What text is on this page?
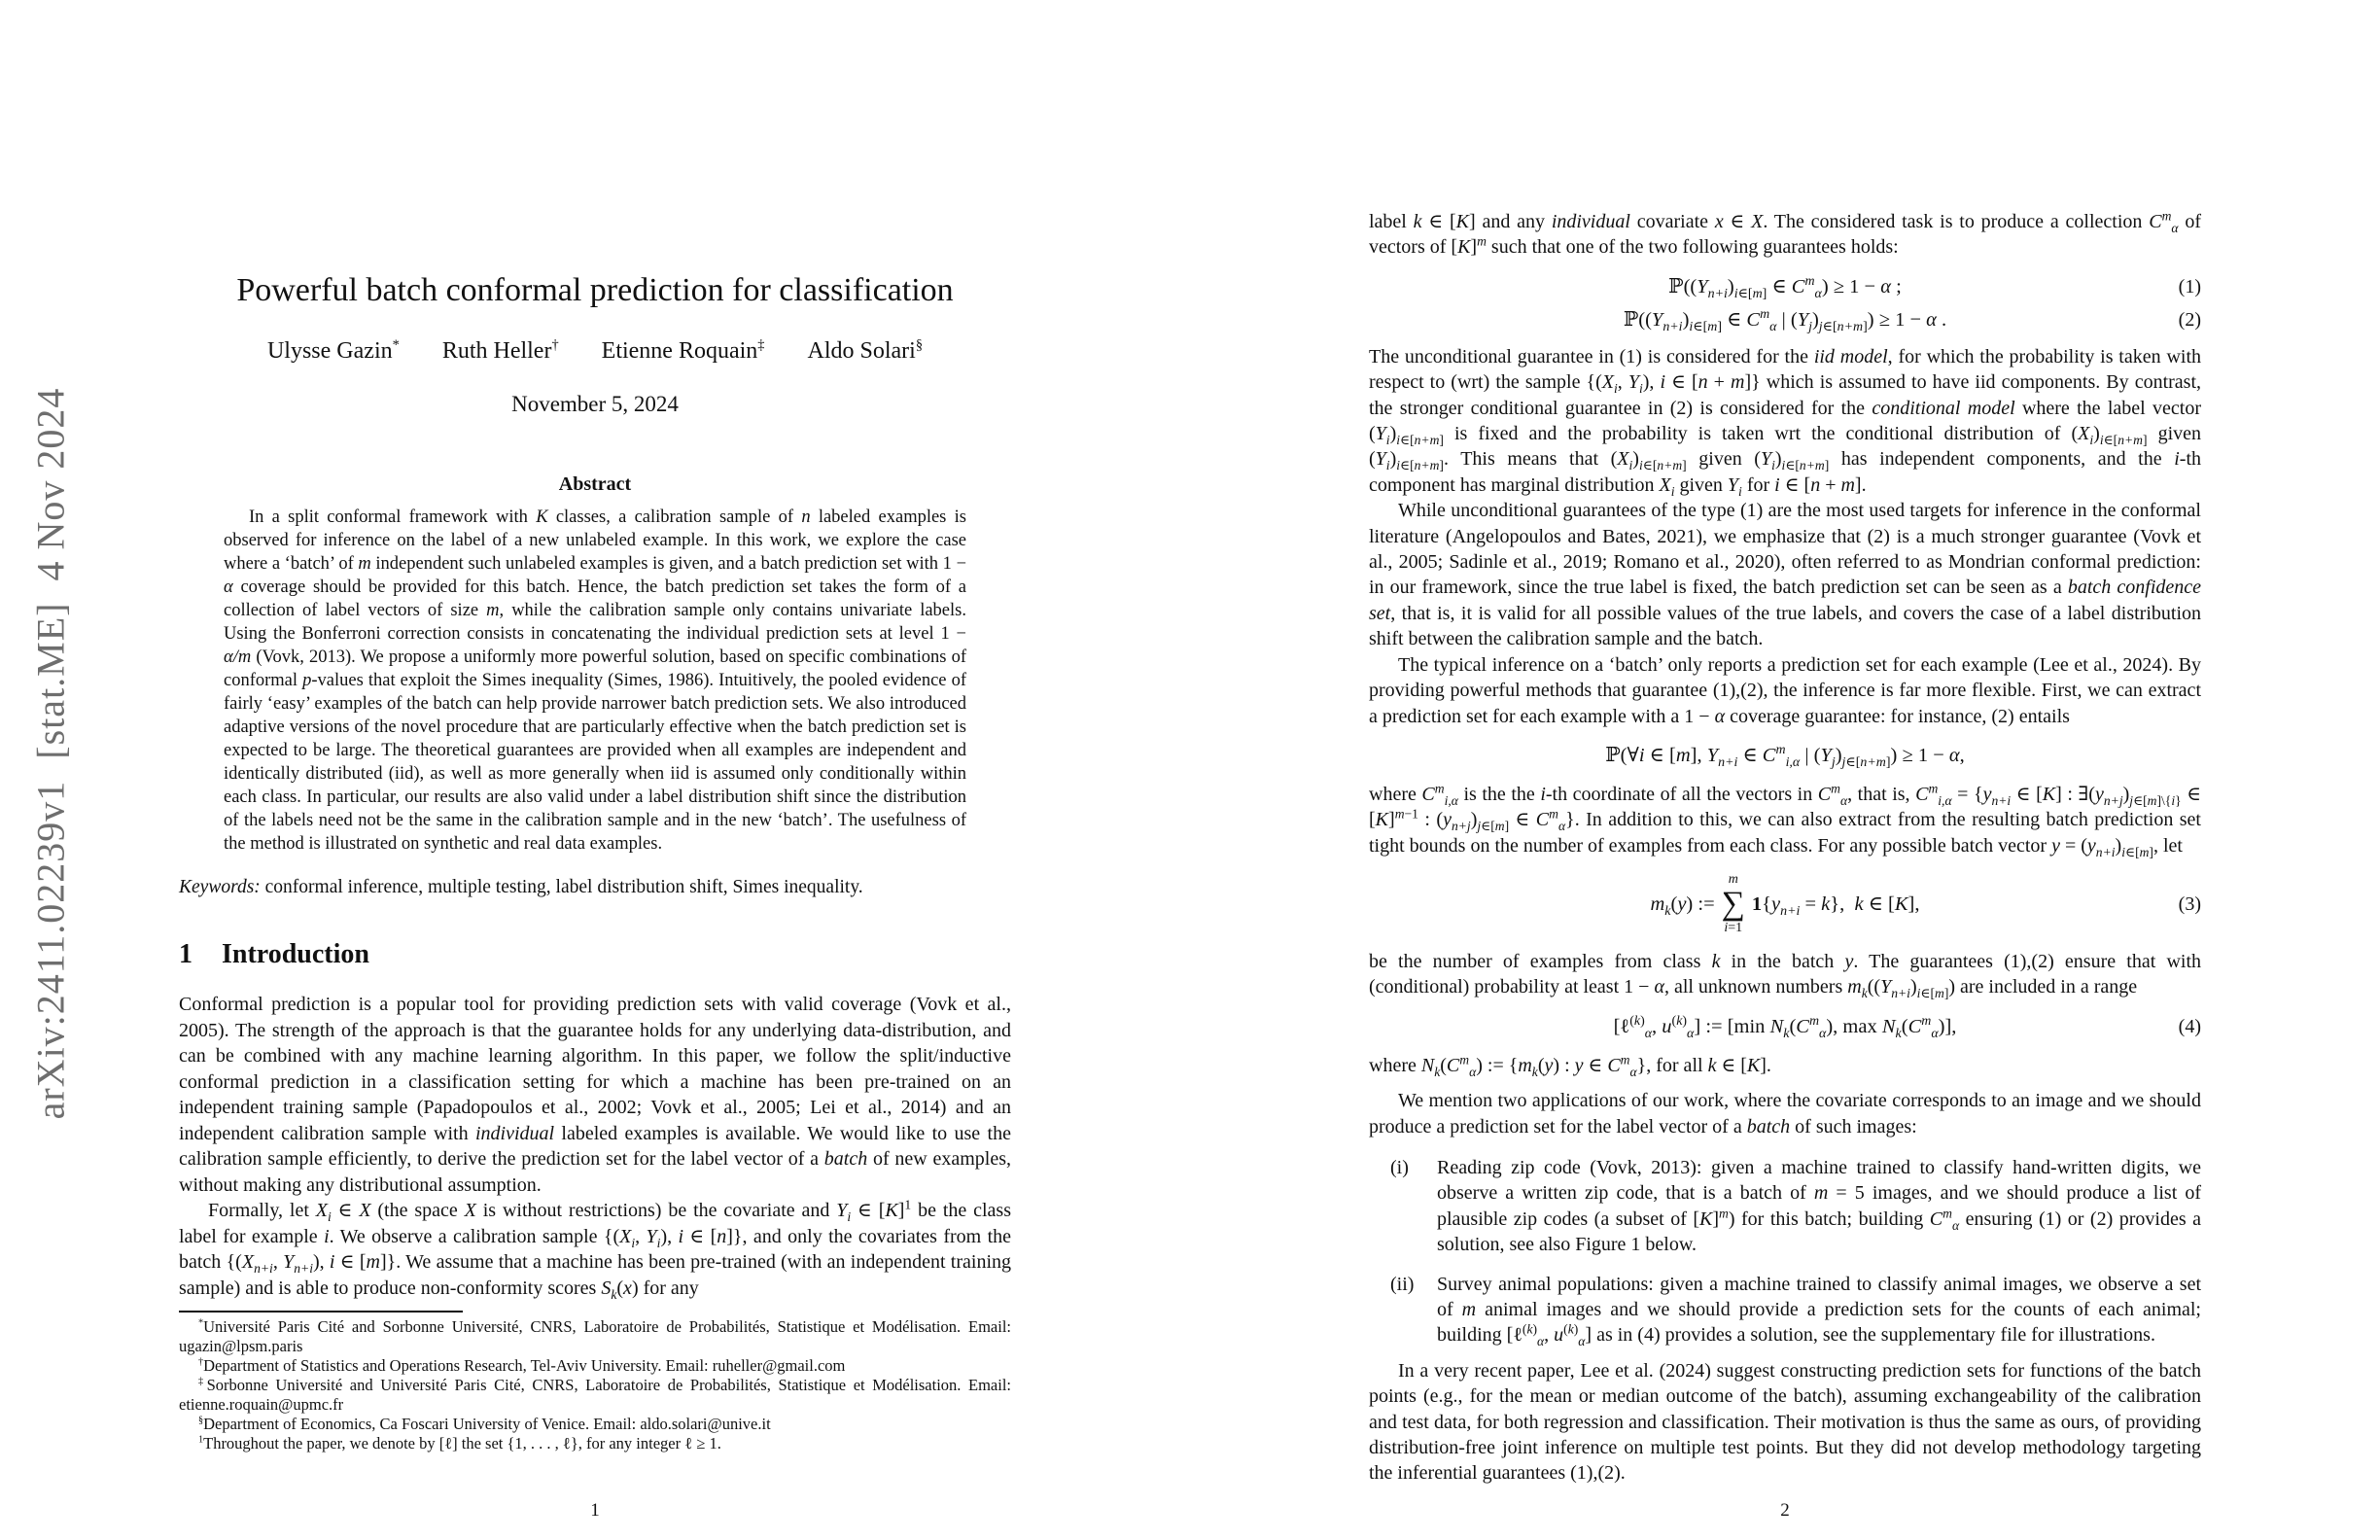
arXiv:2411.02239v1  [stat.ME]  4 Nov 2024
Powerful batch conformal prediction for classification
Ulysse Gazin* Ruth Heller† Etienne Roquain‡ Aldo Solari§
November 5, 2024
Abstract

In a split conformal framework with K classes, a calibration sample of n labeled examples is observed for inference on the label of a new unlabeled example. In this work, we explore the case where a ‘batch’ of m independent such unlabeled examples is given, and a batch prediction set with 1 − α coverage should be provided for this batch. Hence, the batch prediction set takes the form of a collection of label vectors of size m, while the calibration sample only contains univariate labels. Using the Bonferroni correction consists in concatenating the individual prediction sets at level 1 − α/m (Vovk, 2013). We propose a uniformly more powerful solution, based on specific combinations of conformal p-values that exploit the Simes inequality (Simes, 1986). Intuitively, the pooled evidence of fairly ‘easy’ examples of the batch can help provide narrower batch prediction sets. We also introduced adaptive versions of the novel procedure that are particularly effective when the batch prediction set is expected to be large. The theoretical guarantees are provided when all examples are independent and identically distributed (iid), as well as more generally when iid is assumed only conditionally within each class. In particular, our results are also valid under a label distribution shift since the distribution of the labels need not be the same in the calibration sample and in the new ‘batch’. The usefulness of the method is illustrated on synthetic and real data examples.

Keywords: conformal inference, multiple testing, label distribution shift, Simes inequality.

1 Introduction

Conformal prediction is a popular tool for providing prediction sets with valid coverage (Vovk et al., 2005). The strength of the approach is that the guarantee holds for any underlying data-distribution, and can be combined with any machine learning algorithm. In this paper, we follow the split/inductive conformal prediction in a classification setting for which a machine has been pre-trained on an independent training sample (Papadopoulos et al., 2002; Vovk et al., 2005; Lei et al., 2014) and an independent calibration sample with individual labeled examples is available. We would like to use the calibration sample efficiently, to derive the prediction set for the label vector of a batch of new examples, without making any distributional assumption.

Formally, let $X_i$ ∈ X (the space X is without restrictions) be the covariate and $Y_i$ ∈ $[K]^1$ be the class label for example i. We observe a calibration sample {($X_i$, $Y_i$), i ∈ [n]}, and only the covariates from the batch {($X_{n+i}$, $Y_{n+i}$), i ∈ [m]}. We assume that a machine has been pre-trained (with an independent training sample) and is able to produce non-conformity scores $S_k(x)$ for any

*Université Paris Cité and Sorbonne Université, CNRS, Laboratoire de Probabilités, Statistique et Modélisation. Email: ugazin@lpsm.paris

†Department of Statistics and Operations Research, Tel-Aviv University. Email: ruheller@gmail.com

‡Sorbonne Université and Université Paris Cité, CNRS, Laboratoire de Probabilités, Statistique et Modélisation. Email: etienne.roquain@upmc.fr

§Department of Economics, Ca Foscari University of Venice. Email: aldo.solari@unive.it

$^1$Throughout the paper, we denote by [ℓ] the set {1, . . . , ℓ}, for any integer ℓ ≥ 1.

1

label k ∈ [K] and any individual covariate x ∈ X. The considered task is to produce a collection $C^m_\alpha$ of vectors of $[K]^m$ such that one of the two following guarantees holds:

$ℙ((Y_{n+i})_{i\in[m]}$ ∈ $C^m_\alpha) \ge 1 - \alpha$ ;	(1)
$ℙ((Y_{n+i})_{i\in[m]}$ ∈ $C^m_\alpha$ | $(Y_j)_{j\in[n+m]}) \ge 1 - \alpha$ .	(2)

The unconditional guarantee in (1) is considered for the iid model, for which the probability is taken with respect to (wrt) the sample {($X_i$, $Y_i$), i ∈ [n + m]} which is assumed to have iid components. By contrast, the stronger conditional guarantee in (2) is considered for the conditional model where the label vector $(Y_i)_{i\in[n+m]}$ is fixed and the probability is taken wrt the conditional distribution of $(X_i)_{i\in[n+m]}$ given $(Y_i)_{i\in[n+m]}$. This means that $(X_i)_{i\in[n+m]}$ given $(Y_i)_{i\in[n+m]}$ has independent components, and the i-th component has marginal distribution $X_i$ given $Y_i$ for i ∈ [n + m].

While unconditional guarantees of the type (1) are the most used targets for inference in the conformal literature (Angelopoulos and Bates, 2021), we emphasize that (2) is a much stronger guarantee (Vovk et al., 2005; Sadinle et al., 2019; Romano et al., 2020), often referred to as Mondrian conformal prediction: in our framework, since the true label is fixed, the batch prediction set can be seen as a batch confidence set, that is, it is valid for all possible values of the true labels, and covers the case of a label distribution shift between the calibration sample and the batch.

The typical inference on a ‘batch’ only reports a prediction set for each example (Lee et al., 2024). By providing powerful methods that guarantee (1),(2), the inference is far more flexible. First, we can extract a prediction set for each example with a 1 − α coverage guarantee: for instance, (2) entails

ℙ(∀i ∈ [m], $Y_{n+i}$ ∈ $C^m_{i,\alpha}$ | $(Y_j)_{j\in[n+m]}) \ge 1 - \alpha$,

where $C^m_{i,\alpha}$ is the the i-th coordinate of all the vectors in $C^m_\alpha$, that is, $C^m_{i,\alpha} = \{y_{n+i}$ ∈ [K] : $\exists(y_{n+j})_{j\in[m]\backslash\{i\}}$ ∈ $[K]^{m-1}$ : $(y_{n+j})_{j\in[m]}$ ∈ $C^m_\alpha$}. In addition to this, we can also extract from the resulting batch prediction set tight bounds on the number of examples from each class. For any possible batch vector $y = (y_{n+i})_{i\in[m]}$, let

$m_k(y)$ :=
m
∑
i=1
$1\{y_{n+i} = k\}$,  k ∈ [K],	(3)

be the number of examples from class k in the batch y. The guarantees (1),(2) ensure that with (conditional) probability at least 1 − α, all unknown numbers $m_k((Y_{n+i})_{i\in[m]})$ are included in a range

[ℓ$^{(k)}_\alpha$, $u^{(k)}_\alpha$] := [min $N_k(C^m_\alpha)$, $\max N_k(C^m_\alpha)$],	(4)

where $N_k(C^m_\alpha)$ := {$m_k(y)$ : y ∈ $C^m_\alpha$}, for all k ∈ [K].

We mention two applications of our work, where the covariate corresponds to an image and we should produce a prediction set for the label vector of a batch of such images:

(i)	Reading zip code (Vovk, 2013): given a machine trained to classify hand-written digits, we observe a written zip code, that is a batch of m = 5 images, and we should produce a list of plausible zip codes (a subset of $[K]^m$) for this batch; building $C^m_\alpha$ ensuring (1) or (2) provides a solution, see also Figure 1 below.
(ii)	Survey animal populations: given a machine trained to classify animal images, we observe a set of m animal images and we should provide a prediction sets for the counts of each animal; building [ℓ$^{(k)}_\alpha$, $u^{(k)}_\alpha$] as in (4) provides a solution, see the supplementary file for illustrations.

In a very recent paper, Lee et al. (2024) suggest constructing prediction sets for functions of the batch points (e.g., for the mean or median outcome of the batch), assuming exchangeability of the calibration and test data, for both regression and classification. Their motivation is thus the same as ours, of providing distribution-free joint inference on multiple test points. But they did not develop methodology targeting the inferential guarantees (1),(2).

2
